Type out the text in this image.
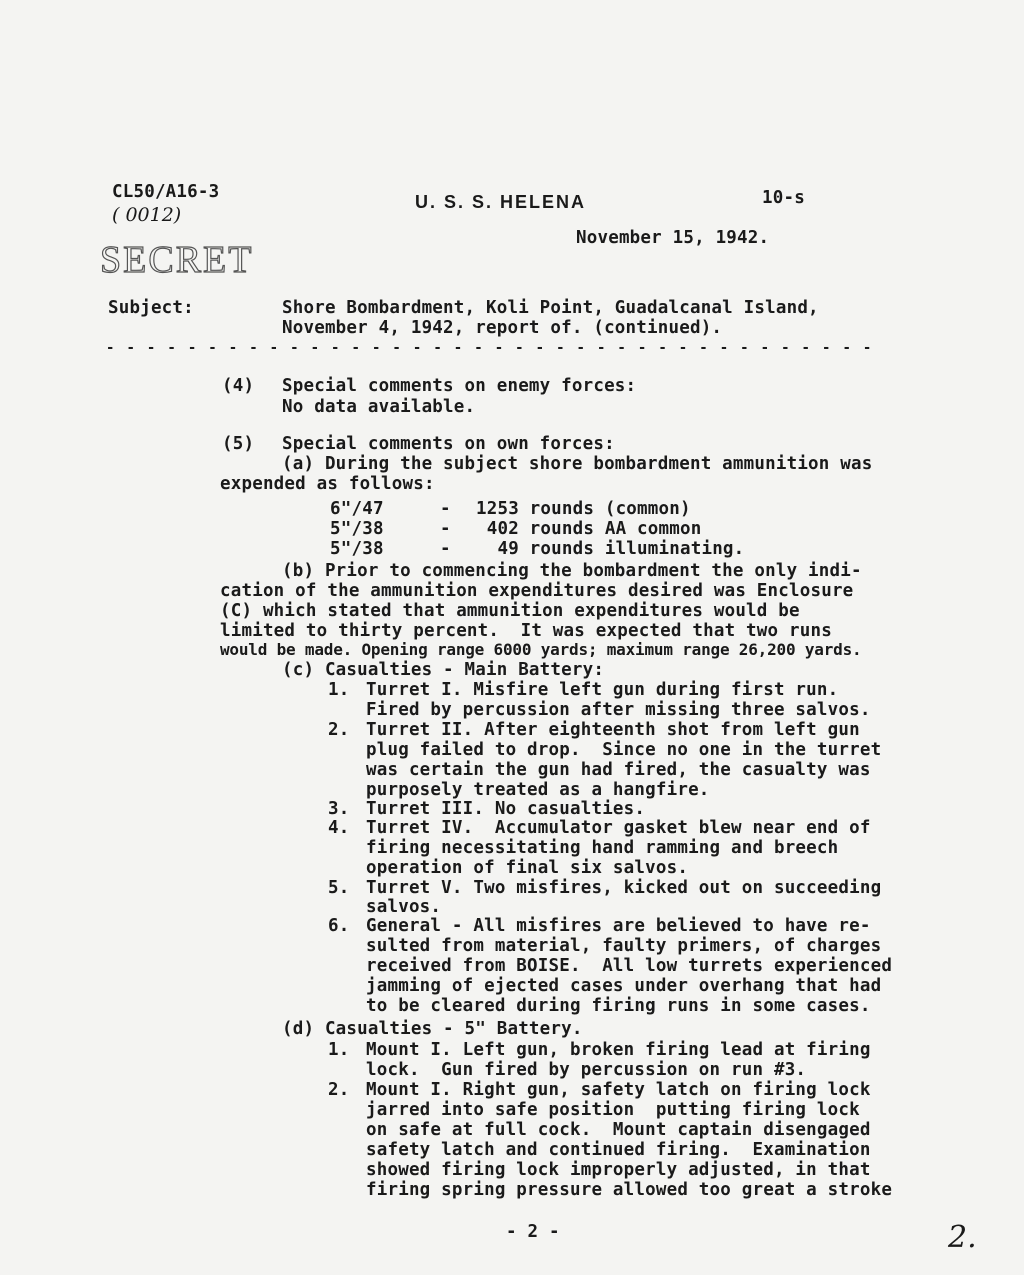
CL50/A16-3
( 0012)
SECRET
U. S. S. HELENA	10-s
November 15, 1942.
Subject:	Shore Bombardment, Koli Point, Guadalcanal Island,
November 4, 1942, report of. (continued).
- - - - - - - - - - - - - - - - - - - - - - - - - - - - - - - - - - - - - -
(4) Special comments on enemy forces:
No data available.
(5) Special comments on own forces:
(a) During the subject shore bombardment ammunition was
expended as follows:
6"/47	- 1253 rounds (common)
5"/38	- 402 rounds AA common
5"/38	- 49 rounds illuminating.
(b) Prior to commencing the bombardment the only indi-
cation of the ammunition expenditures desired was Enclosure
(C) which stated that ammunition expenditures would be
limited to thirty percent.  It was expected that two runs
would be made. Opening range 6000 yards; maximum range 26,200 yards.
(c) Casualties - Main Battery:
1. Turret I. Misfire left gun during first run.
Fired by percussion after missing three salvos.
2. Turret II. After eighteenth shot from left gun
plug failed to drop.  Since no one in the turret
was certain the gun had fired, the casualty was
purposely treated as a hangfire.
3. Turret III. No casualties.
4. Turret IV.  Accumulator gasket blew near end of
firing necessitating hand ramming and breech
operation of final six salvos.
5. Turret V. Two misfires, kicked out on succeeding
salvos.
6. General - All misfires are believed to have re-
sulted from material, faulty primers, of charges
received from BOISE.  All low turrets experienced
jamming of ejected cases under overhang that had
to be cleared during firing runs in some cases.
(d) Casualties - 5" Battery.
1. Mount I. Left gun, broken firing lead at firing
lock.  Gun fired by percussion on run #3.
2. Mount I. Right gun, safety latch on firing lock
jarred into safe position  putting firing lock
on safe at full cock.  Mount captain disengaged
safety latch and continued firing.  Examination
showed firing lock improperly adjusted, in that
firing spring pressure allowed too great a stroke
- 2 -	2.
